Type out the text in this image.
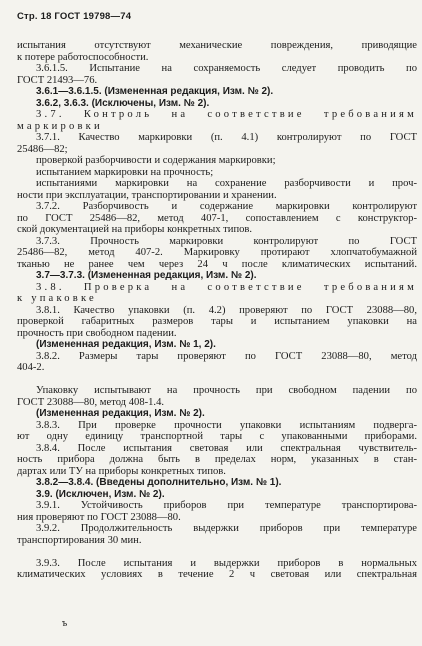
Стр. 18 ГОСТ 19798—74
испытания отсутствуют механические повреждения, приводящие
к потере работоспособности.
3.6.1.5. Испытание на сохраняемость следует проводить по
ГОСТ 21493—76.
3.6.1—3.6.1.5. (Измененная редакция, Изм. № 2).
3.6.2, 3.6.3. (Исключены, Изм. № 2).
3.7. Контроль на соответствие требованиям
маркировки
3.7.1. Качество маркировки (п. 4.1) контролируют по ГОСТ
25486—82;
проверкой разборчивости и содержания маркировки;
испытанием маркировки на прочность;
испытаниями маркировки на сохранение разборчивости и проч-
ности при эксплуатации, транспортировании и хранении.
3.7.2. Разборчивость и содержание маркировки контролируют
по ГОСТ 25486—82, метод 407-1, сопоставлением с конструктор-
ской документацией на приборы конкретных типов.
3.7.3. Прочность маркировки контролируют по ГОСТ
25486—82, метод 407-2. Маркировку протирают хлопчатобумажной
тканью не ранее чем через 24 ч после климатических испытаний.
3.7—3.7.3. (Измененная редакция, Изм. № 2).
3.8. Проверка на соответствие требованиям
к упаковке
3.8.1. Качество упаковки (п. 4.2) проверяют по ГОСТ 23088—80,
проверкой габаритных размеров тары и испытанием упаковки на
прочность при свободном падении.
(Измененная редакция, Изм. № 1, 2).
3.8.2. Размеры тары проверяют по ГОСТ 23088—80, метод
404-2.
Упаковку испытывают на прочность при свободном падении по
ГОСТ 23088—80, метод 408-1.4.
(Измененная редакция, Изм. № 2).
3.8.3. При проверке прочности упаковки испытаниям подверга-
ют одну единицу транспортной тары с упакованными приборами.
3.8.4. После испытания световая или спектральная чувствитель-
ность прибора должна быть в пределах норм, указанных в стан-
дартах или ТУ на приборы конкретных типов.
3.8.2—3.8.4. (Введены дополнительно, Изм. № 1).
3.9. (Исключен, Изм. № 2).
3.9.1. Устойчивость приборов при температуре транспортирова-
ния проверяют по ГОСТ 23088—80.
3.9.2. Продолжительность выдержки приборов при температуре
транспортирования 30 мин.
3.9.3. После испытания и выдержки приборов в нормальных
климатических условиях в течение 2 ч световая или спектральная
ъ
